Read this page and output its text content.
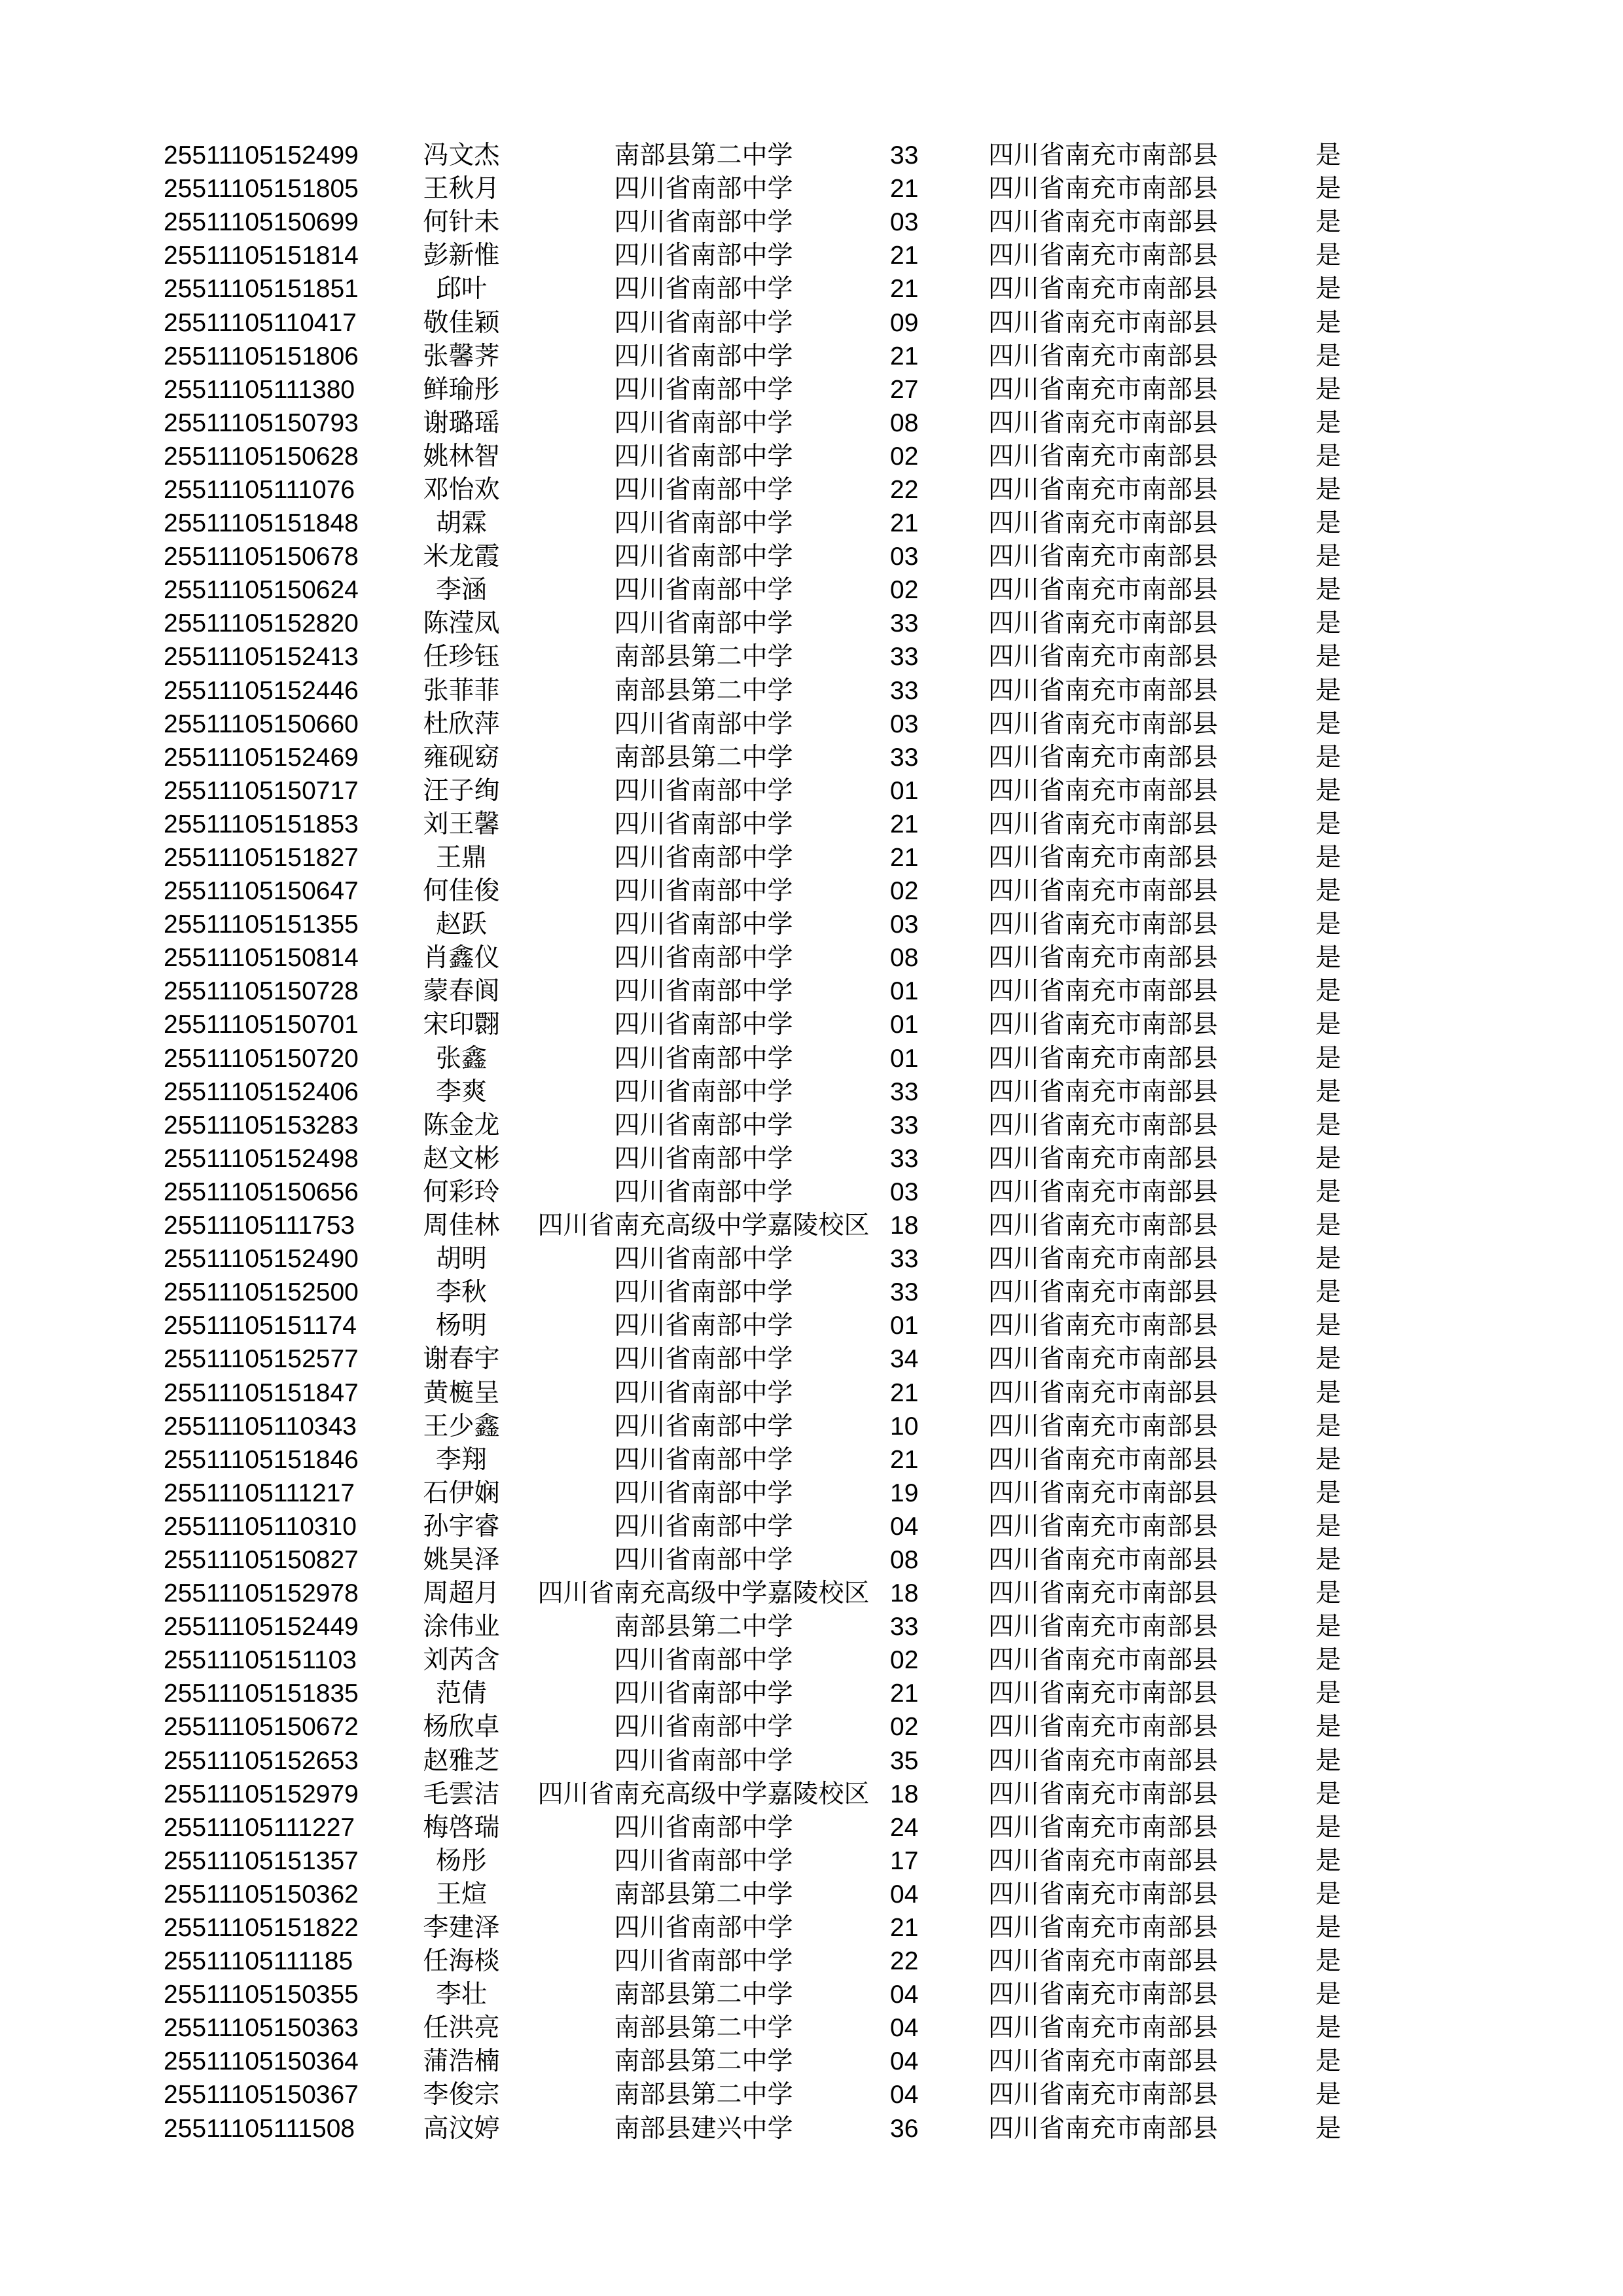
	25511105152499	冯文杰	南部县第二中学	33	四川省南充市南部县	是
	25511105151805	王秋月	四川省南部中学	21	四川省南充市南部县	是
	25511105150699	何针未	四川省南部中学	03	四川省南充市南部县	是
	25511105151814	彭新惟	四川省南部中学	21	四川省南充市南部县	是
	25511105151851	邱叶	四川省南部中学	21	四川省南充市南部县	是
	25511105110417	敬佳颖	四川省南部中学	09	四川省南充市南部县	是
	25511105151806	张馨荠	四川省南部中学	21	四川省南充市南部县	是
	25511105111380	鲜瑜彤	四川省南部中学	27	四川省南充市南部县	是
	25511105150793	谢璐瑶	四川省南部中学	08	四川省南充市南部县	是
	25511105150628	姚林智	四川省南部中学	02	四川省南充市南部县	是
	25511105111076	邓怡欢	四川省南部中学	22	四川省南充市南部县	是
	25511105151848	胡霖	四川省南部中学	21	四川省南充市南部县	是
	25511105150678	米龙霞	四川省南部中学	03	四川省南充市南部县	是
	25511105150624	李涵	四川省南部中学	02	四川省南充市南部县	是
	25511105152820	陈滢凤	四川省南部中学	33	四川省南充市南部县	是
	25511105152413	任珍钰	南部县第二中学	33	四川省南充市南部县	是
	25511105152446	张菲菲	南部县第二中学	33	四川省南充市南部县	是
	25511105150660	杜欣萍	四川省南部中学	03	四川省南充市南部县	是
	25511105152469	雍砚窈	南部县第二中学	33	四川省南充市南部县	是
	25511105150717	汪子绚	四川省南部中学	01	四川省南充市南部县	是
	25511105151853	刘王馨	四川省南部中学	21	四川省南充市南部县	是
	25511105151827	王鼎	四川省南部中学	21	四川省南充市南部县	是
	25511105150647	何佳俊	四川省南部中学	02	四川省南充市南部县	是
	25511105151355	赵跃	四川省南部中学	03	四川省南充市南部县	是
	25511105150814	肖鑫仪	四川省南部中学	08	四川省南充市南部县	是
	25511105150728	蒙春阆	四川省南部中学	01	四川省南充市南部县	是
	25511105150701	宋印翾	四川省南部中学	01	四川省南充市南部县	是
	25511105150720	张鑫	四川省南部中学	01	四川省南充市南部县	是
	25511105152406	李爽	四川省南部中学	33	四川省南充市南部县	是
	25511105153283	陈金龙	四川省南部中学	33	四川省南充市南部县	是
	25511105152498	赵文彬	四川省南部中学	33	四川省南充市南部县	是
	25511105150656	何彩玲	四川省南部中学	03	四川省南充市南部县	是
	25511105111753	周佳林	四川省南充高级中学嘉陵校区	18	四川省南充市南部县	是
	25511105152490	胡明	四川省南部中学	33	四川省南充市南部县	是
	25511105152500	李秋	四川省南部中学	33	四川省南充市南部县	是
	25511105151174	杨明	四川省南部中学	01	四川省南充市南部县	是
	25511105152577	谢春宇	四川省南部中学	34	四川省南充市南部县	是
	25511105151847	黄榳呈	四川省南部中学	21	四川省南充市南部县	是
	25511105110343	王少鑫	四川省南部中学	10	四川省南充市南部县	是
	25511105151846	李翔	四川省南部中学	21	四川省南充市南部县	是
	25511105111217	石伊娴	四川省南部中学	19	四川省南充市南部县	是
	25511105110310	孙宇睿	四川省南部中学	04	四川省南充市南部县	是
	25511105150827	姚昊泽	四川省南部中学	08	四川省南充市南部县	是
	25511105152978	周超月	四川省南充高级中学嘉陵校区	18	四川省南充市南部县	是
	25511105152449	涂伟业	南部县第二中学	33	四川省南充市南部县	是
	25511105151103	刘芮含	四川省南部中学	02	四川省南充市南部县	是
	25511105151835	范倩	四川省南部中学	21	四川省南充市南部县	是
	25511105150672	杨欣卓	四川省南部中学	02	四川省南充市南部县	是
	25511105152653	赵雅芝	四川省南部中学	35	四川省南充市南部县	是
	25511105152979	毛雲洁	四川省南充高级中学嘉陵校区	18	四川省南充市南部县	是
	25511105111227	梅啓瑞	四川省南部中学	24	四川省南充市南部县	是
	25511105151357	杨彤	四川省南部中学	17	四川省南充市南部县	是
	25511105150362	王煊	南部县第二中学	04	四川省南充市南部县	是
	25511105151822	李建泽	四川省南部中学	21	四川省南充市南部县	是
	25511105111185	任海棪	四川省南部中学	22	四川省南充市南部县	是
	25511105150355	李壮	南部县第二中学	04	四川省南充市南部县	是
	25511105150363	任洪亮	南部县第二中学	04	四川省南充市南部县	是
	25511105150364	蒲浩楠	南部县第二中学	04	四川省南充市南部县	是
	25511105150367	李俊宗	南部县第二中学	04	四川省南充市南部县	是
	25511105111508	高汶婷	南部县建兴中学	36	四川省南充市南部县	是
